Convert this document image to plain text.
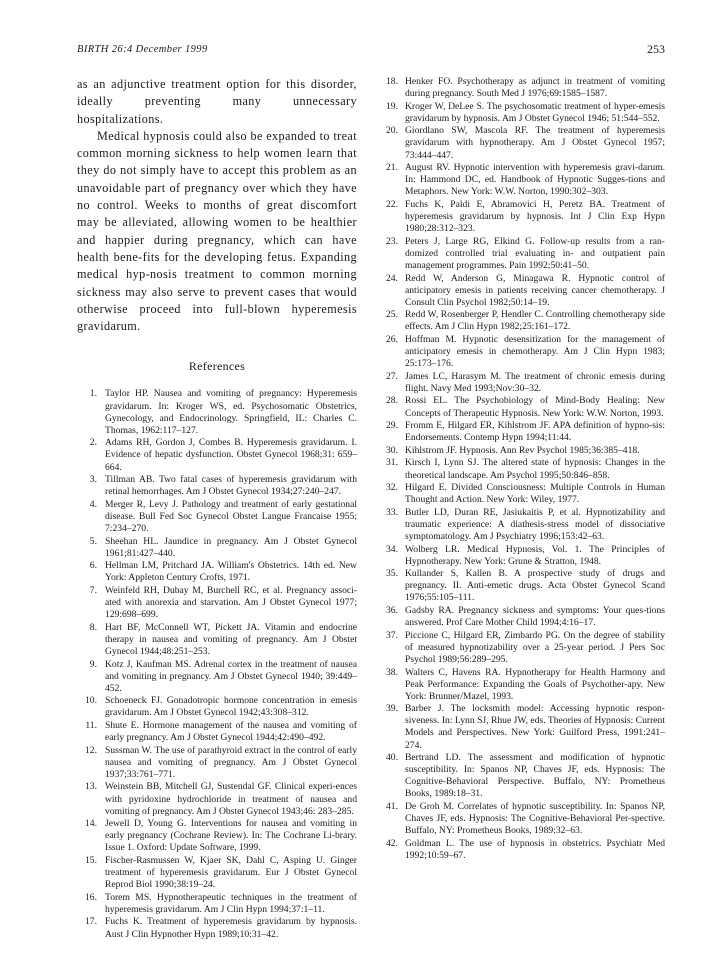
BIRTH 26:4 December 1999	253

as an adjunctive treatment option for this disorder, ideally preventing many unnecessary hospitalizations.

Medical hypnosis could also be expanded to treat common morning sickness to help women learn that they do not simply have to accept this problem as an unavoidable part of pregnancy over which they have no control. Weeks to months of great discomfort may be alleviated, allowing women to be healthier and happier during pregnancy, which can have health bene-fits for the developing fetus. Expanding medical hyp-nosis treatment to common morning sickness may also serve to prevent cases that would otherwise proceed into full-blown hyperemesis gravidarum.

References
1. Taylor HP. Nausea and vomiting of pregnancy: Hyperemesis gravidarum. In: Kroger WS, ed. Psychosomatic Obstetrics, Gynecology, and Endocrinology. Springfield, IL: Charles C. Thomas, 1962:117–127.
2. Adams RH, Gordon J, Combes B. Hyperemesis gravidarum. I. Evidence of hepatic dysfunction. Obstet Gynecol 1968;31: 659–664.
3. Tillman AB. Two fatal cases of hyperemesis gravidarum with retinal hemorrhages. Am J Obstet Gynecol 1934;27:240–247.
4. Merger R, Levy J. Pathology and treatment of early gestational disease. Bull Fed Soc Gynecol Obstet Langue Francaise 1955; 7:234–270.
5. Sheehan HL. Jaundice in pregnancy. Am J Obstet Gynecol 1961;81:427–440.
6. Hellman LM, Pritchard JA. William's Obstetrics. 14th ed. New York: Appleton Century Crofts, 1971.
7. Weinfeld RH, Dubay M, Burchell RC, et al. Pregnancy associ-ated with anorexia and starvation. Am J Obstet Gynecol 1977; 129:698–699.
8. Hart BF, McConnell WT, Pickett JA. Vitamin and endocrine therapy in nausea and vomiting of pregnancy. Am J Obstet Gynecol 1944;48:251–253.
9. Kotz J, Kaufman MS. Adrenal cortex in the treatment of nausea and vomiting in pregnancy. Am J Obstet Gynecol 1940; 39:449–452.
10. Schoeneck FJ. Gonadotropic hormone concentration in emesis gravidarum. Am J Obstet Gynecol 1942;43:308–312.
11. Shute E. Hormone management of the nausea and vomiting of early pregnancy. Am J Obstet Gynecol 1944;42:490–492.
12. Sussman W. The use of parathyroid extract in the control of early nausea and vomiting of pregnancy. Am J Obstet Gynecol 1937;33:761–771.
13. Weinstein BB, Mitchell GJ, Sustendal GF. Clinical experi-ences with pyridoxine hydrochloride in treatment of nausea and vomiting of pregnancy. Am J Obstet Gynecol 1943;46: 283–285.
14. Jewell D, Young G. Interventions for nausea and vomiting in early pregnancy (Cochrane Review). In: The Cochrane Li-brary. Issue 1. Oxford: Update Software, 1999.
15. Fischer-Rasmussen W, Kjaer SK, Dahl C, Asping U. Ginger treatment of hyperemesis gravidarum. Eur J Obstet Gynecol Reprod Biol 1990;38:19–24.
16. Torem MS. Hypnotherapeutic techniques in the treatment of hyperemesis gravidarum. Am J Clin Hypn 1994;37:1–11.
17. Fuchs K. Treatment of hyperemesis gravidarum by hypnosis. Aust J Clin Hypnother Hypn 1989;10:31–42.
18. Henker FO. Psychotherapy as adjunct in treatment of vomiting during pregnancy. South Med J 1976;69:1585–1587.
19. Kroger W, DeLee S. The psychosomatic treatment of hyper-emesis gravidarum by hypnosis. Am J Obstet Gynecol 1946; 51:544–552.
20. Giordlano SW, Mascola RF. The treatment of hyperemesis gravidarum with hypnotherapy. Am J Obstet Gynecol 1957; 73:444–447.
21. August RV. Hypnotic intervention with hyperemesis gravi-darum. In: Hammond DC, ed. Handbook of Hypnotic Sugges-tions and Metaphors. New York: W.W. Norton, 1990:302–303.
22. Fuchs K, Paldi E, Abramovici H, Peretz BA. Treatment of hyperemesis gravidarum by hypnosis. Int J Clin Exp Hypn 1980;28:312–323.
23. Peters J, Large RG, Elkind G. Follow-up results from a ran-domized controlled trial evaluating in- and outpatient pain management programmes. Pain 1992;50:41–50.
24. Redd W, Anderson G, Minagawa R. Hypnotic control of anticipatory emesis in patients receiving cancer chemotherapy. J Consult Clin Psychol 1982;50:14–19.
25. Redd W, Rosenberger P, Hendler C. Controlling chemotherapy side effects. Am J Clin Hypn 1982;25:161–172.
26. Hoffman M. Hypnotic desensitization for the management of anticipatory emesis in chemotherapy. Am J Clin Hypn 1983; 25:173–176.
27. James LC, Harasym M. The treatment of chronic emesis during flight. Navy Med 1993;Nov:30–32.
28. Rossi EL. The Psychobiology of Mind-Body Healing: New Concepts of Therapeutic Hypnosis. New York: W.W. Norton, 1993.
29. Fromm E, Hilgard ER, Kihlstrom JF. APA definition of hypno-sis: Endorsements. Contemp Hypn 1994;11:44.
30. Kihlstrom JF. Hypnosis. Ann Rev Psychol 1985;36:385–418.
31. Kirsch I, Lynn SJ. The altered state of hypnosis: Changes in the theoretical landscape. Am Psychol 1995;50:846–858.
32. Hilgard E. Divided Consciousness: Multiple Controls in Human Thought and Action. New York: Wiley, 1977.
33. Butler LD, Duran RE, Jasiukaitis P, et al. Hypnotizability and traumatic experience: A diathesis-stress model of dissociative symptomatology. Am J Psychiatry 1996;153:42–63.
34. Wolberg LR. Medical Hypnosis, Vol. 1. The Principles of Hypnotherapy. New York: Grune & Stratton, 1948.
35. Kullander S, Kallen B. A prospective study of drugs and pregnancy. II. Anti-emetic drugs. Acta Obstet Gynecol Scand 1976;55:105–111.
36. Gadsby RA. Pregnancy sickness and symptoms: Your ques-tions answered. Prof Care Mother Child 1994;4:16–17.
37. Piccione C, Hilgard ER, Zimbardo PG. On the degree of stability of measured hypnotizability over a 25-year period. J Pers Soc Psychol 1989;56:289–295.
38. Walters C, Havens RA. Hypnotherapy for Health Harmony and Peak Performance: Expanding the Goals of Psychother-apy. New York: Brunner/Mazel, 1993.
39. Barber J. The locksmith model: Accessing hypnotic respon-siveness. In: Lynn SJ, Rhue JW, eds. Theories of Hypnosis: Current Models and Perspectives. New York: Guilford Press, 1991:241–274.
40. Bertrand LD. The assessment and modification of hypnotic susceptibility. In: Spanos NP, Chaves JF, eds. Hypnosis: The Cognitive-Behavioral Perspective. Buffalo, NY: Prometheus Books, 1989:18–31.
41. De Groh M. Correlates of hypnotic susceptibility. In: Spanos NP, Chaves JF, eds. Hypnosis: The Cognitive-Behavioral Per-spective. Buffalo, NY: Prometheus Books, 1989:32–63.
42. Goldman L. The use of hypnosis in obstetrics. Psychiatr Med 1992;10:59–67.
